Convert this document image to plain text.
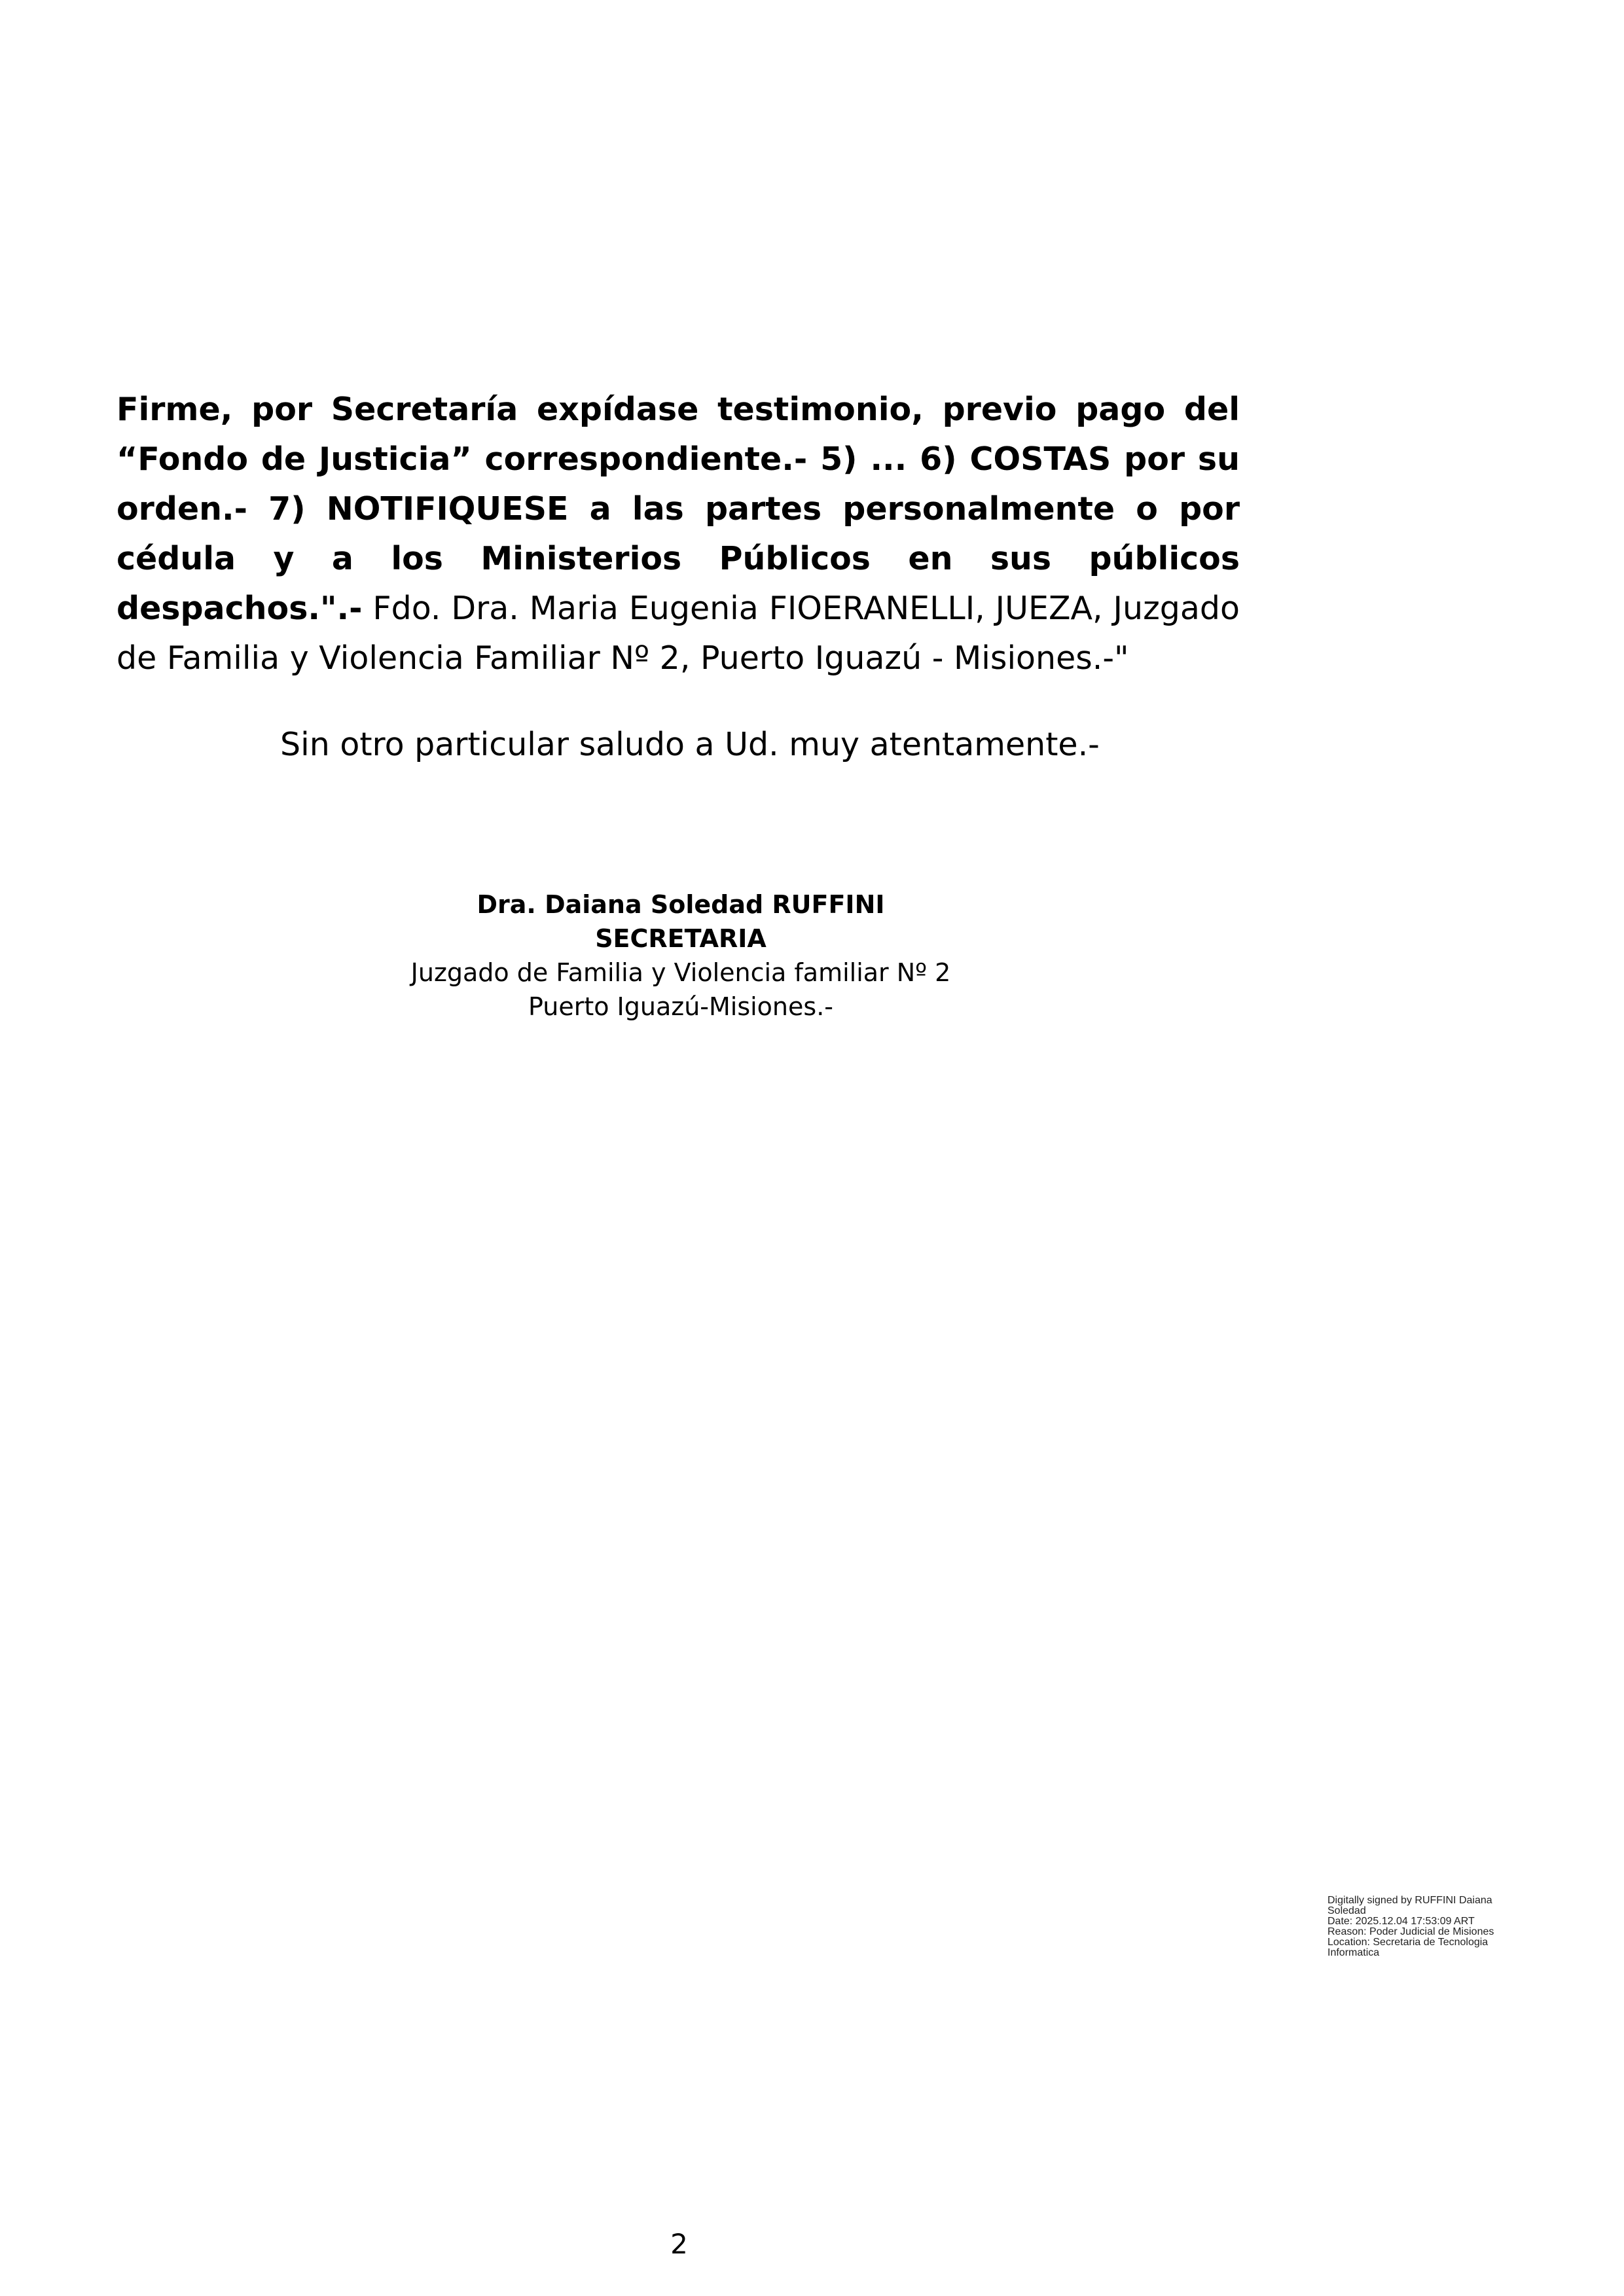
Firme, por Secretaría expídase testimonio, previo pago del “Fondo de Justicia” correspondiente.- 5) ... 6) COSTAS por su orden.- 7) NOTIFIQUESE a las partes personalmente o por cédula y a los Ministerios Públicos en sus públicos despachos.".- Fdo. Dra. Maria Eugenia FIOERANELLI, JUEZA, Juzgado de Familia y Violencia Familiar Nº 2, Puerto Iguazú - Misiones.-"

Sin otro particular saludo a Ud. muy atentamente.-

Dra. Daiana Soledad RUFFINI
SECRETARIA
Juzgado de Familia y Violencia familiar Nº 2
Puerto Iguazú-Misiones.-
Digitally signed by RUFFINI Daiana
Soledad
Date: 2025.12.04 17:53:09 ART
Reason: Poder Judicial de Misiones
Location: Secretaria de Tecnologia
Informatica
2
